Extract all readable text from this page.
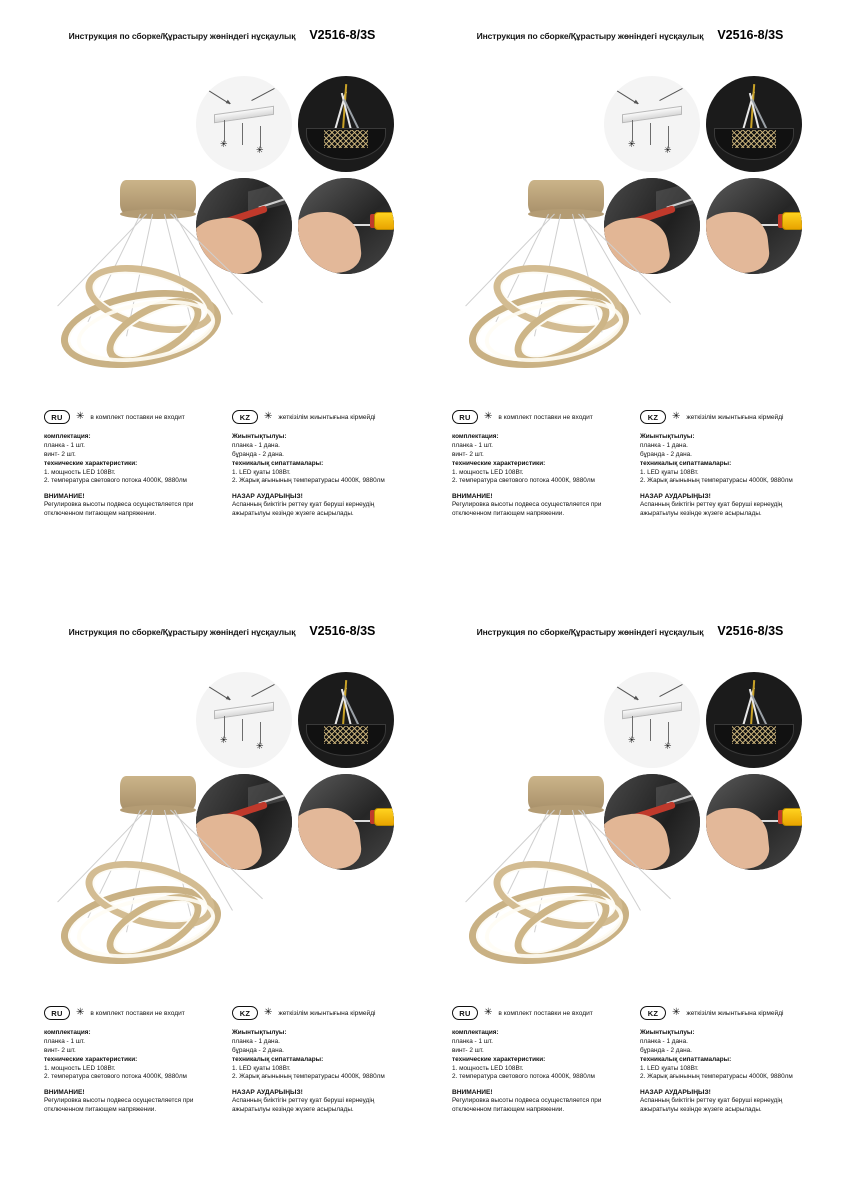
Инструкция по сборке/Құрастыру жөніндегі нұсқаулық V2516-8/3S
✳
✳
RU	✳ в комплект поставки не входит
комплектация:
планка - 1 шт.
винт- 2 шт.
технические характеристики:
1. мощность LED 108Вт.
2. температура светового потока 4000К, 9880лм
ВНИМАНИЕ!
Регулировка высоты подвеса осуществляется при отключенном питающем напряжении.
KZ	✳ жеткізілім жиынтығына кірмейді
Жиынтықтылуы:
планка - 1 дана.
бұранда - 2 дана.
техникалық сипаттамалары:
1. LED қуаты 108Вт.
2. Жарық ағынының температурасы 4000К, 9880лм
НАЗАР АУДАРЫҢЫЗ!
Аспанның биіктігін реттеу қуат беруші кернеудің ажыратылуы кезінде жүзеге асырылады.
Инструкция по сборке/Құрастыру жөніндегі нұсқаулық V2516-8/3S
✳
✳
RU	✳ в комплект поставки не входит
комплектация:
планка - 1 шт.
винт- 2 шт.
технические характеристики:
1. мощность LED 108Вт.
2. температура светового потока 4000К, 9880лм
ВНИМАНИЕ!
Регулировка высоты подвеса осуществляется при отключенном питающем напряжении.
KZ	✳ жеткізілім жиынтығына кірмейді
Жиынтықтылуы:
планка - 1 дана.
бұранда - 2 дана.
техникалық сипаттамалары:
1. LED қуаты 108Вт.
2. Жарық ағынының температурасы 4000К, 9880лм
НАЗАР АУДАРЫҢЫЗ!
Аспанның биіктігін реттеу қуат беруші кернеудің ажыратылуы кезінде жүзеге асырылады.
Инструкция по сборке/Құрастыру жөніндегі нұсқаулық V2516-8/3S
✳
✳
RU	✳ в комплект поставки не входит
комплектация:
планка - 1 шт.
винт- 2 шт.
технические характеристики:
1. мощность LED 108Вт.
2. температура светового потока 4000К, 9880лм
ВНИМАНИЕ!
Регулировка высоты подвеса осуществляется при отключенном питающем напряжении.
KZ	✳ жеткізілім жиынтығына кірмейді
Жиынтықтылуы:
планка - 1 дана.
бұранда - 2 дана.
техникалық сипаттамалары:
1. LED қуаты 108Вт.
2. Жарық ағынының температурасы 4000К, 9880лм
НАЗАР АУДАРЫҢЫЗ!
Аспанның биіктігін реттеу қуат беруші кернеудің ажыратылуы кезінде жүзеге асырылады.
Инструкция по сборке/Құрастыру жөніндегі нұсқаулық V2516-8/3S
✳
✳
RU	✳ в комплект поставки не входит
комплектация:
планка - 1 шт.
винт- 2 шт.
технические характеристики:
1. мощность LED 108Вт.
2. температура светового потока 4000К, 9880лм
ВНИМАНИЕ!
Регулировка высоты подвеса осуществляется при отключенном питающем напряжении.
KZ	✳ жеткізілім жиынтығына кірмейді
Жиынтықтылуы:
планка - 1 дана.
бұранда - 2 дана.
техникалық сипаттамалары:
1. LED қуаты 108Вт.
2. Жарық ағынының температурасы 4000К, 9880лм
НАЗАР АУДАРЫҢЫЗ!
Аспанның биіктігін реттеу қуат беруші кернеудің ажыратылуы кезінде жүзеге асырылады.
